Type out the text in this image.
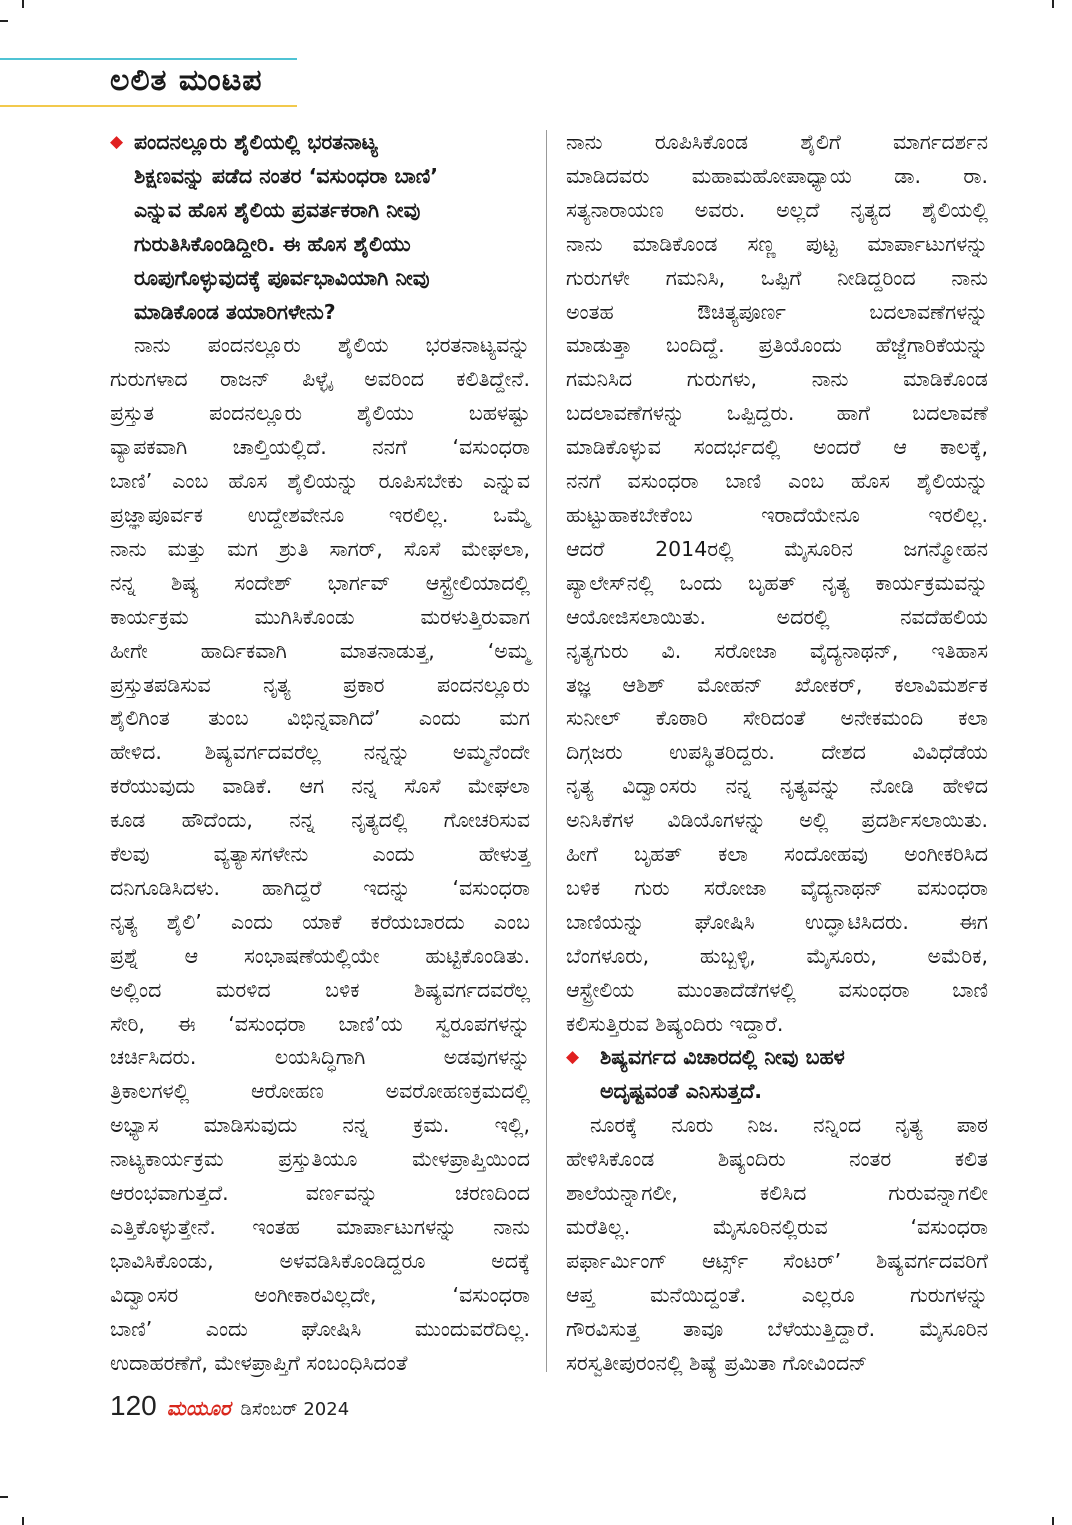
ಲಲಿತ ಮಂಟಪ
◆ ಪಂದನಲ್ಲೂರು ಶೈಲಿಯಲ್ಲಿ ಭರತನಾಟ್ಯ
ಶಿಕ್ಷಣವನ್ನು ಪಡೆದ ನಂತರ ‘ವಸುಂಧರಾ ಬಾಣಿ’
ಎನ್ನುವ ಹೊಸ ಶೈಲಿಯ ಪ್ರವರ್ತಕರಾಗಿ ನೀವು
ಗುರುತಿಸಿಕೊಂಡಿದ್ದೀರಿ. ಈ ಹೊಸ ಶೈಲಿಯು
ರೂಪುಗೊಳ್ಳುವುದಕ್ಕೆ ಪೂರ್ವಭಾವಿಯಾಗಿ ನೀವು
ಮಾಡಿಕೊಂಡ ತಯಾರಿಗಳೇನು?
ನಾನು ಪಂದನಲ್ಲೂರು ಶೈಲಿಯ ಭರತನಾಟ್ಯವನ್ನು
ಗುರುಗಳಾದ ರಾಜನ್ ಪಿಳ್ಳೈ ಅವರಿಂದ ಕಲಿತಿದ್ದೇನೆ.
ಪ್ರಸ್ತುತ ಪಂದನಲ್ಲೂರು ಶೈಲಿಯು ಬಹಳಷ್ಟು
ವ್ಯಾಪಕವಾಗಿ ಚಾಲ್ತಿಯಲ್ಲಿದೆ. ನನಗೆ ‘ವಸುಂಧರಾ
ಬಾಣಿ’ ಎಂಬ ಹೊಸ ಶೈಲಿಯನ್ನು ರೂಪಿಸಬೇಕು ಎನ್ನುವ
ಪ್ರಜ್ಞಾಪೂರ್ವಕ ಉದ್ದೇಶವೇನೂ ಇರಲಿಲ್ಲ. ಒಮ್ಮೆ
ನಾನು ಮತ್ತು ಮಗ ಶ್ರುತಿ ಸಾಗರ್, ಸೊಸೆ ಮೇಘಲಾ,
ನನ್ನ ಶಿಷ್ಯ ಸಂದೇಶ್ ಭಾರ್ಗವ್ ಆಸ್ಟ್ರೇಲಿಯಾದಲ್ಲಿ
ಕಾರ್ಯಕ್ರಮ ಮುಗಿಸಿಕೊಂಡು ಮರಳುತ್ತಿರುವಾಗ
ಹೀಗೇ ಹಾರ್ದಿಕವಾಗಿ ಮಾತನಾಡುತ್ತ, ‘ಅಮ್ಮ
ಪ್ರಸ್ತುತಪಡಿಸುವ ನೃತ್ಯ ಪ್ರಕಾರ ಪಂದನಲ್ಲೂರು
ಶೈಲಿಗಿಂತ ತುಂಬ ವಿಭಿನ್ನವಾಗಿದೆ’ ಎಂದು ಮಗ
ಹೇಳಿದ. ಶಿಷ್ಯವರ್ಗದವರೆಲ್ಲ ನನ್ನನ್ನು ಅಮ್ಮನೆಂದೇ
ಕರೆಯುವುದು ವಾಡಿಕೆ. ಆಗ ನನ್ನ ಸೊಸೆ ಮೇಘಲಾ
ಕೂಡ ಹೌದೆಂದು, ನನ್ನ ನೃತ್ಯದಲ್ಲಿ ಗೋಚರಿಸುವ
ಕೆಲವು ವ್ಯತ್ಯಾಸಗಳೇನು ಎಂದು ಹೇಳುತ್ತ
ದನಿಗೂಡಿಸಿದಳು. ಹಾಗಿದ್ದರೆ ಇದನ್ನು ‘ವಸುಂಧರಾ
ನೃತ್ಯ ಶೈಲಿ’ ಎಂದು ಯಾಕೆ ಕರೆಯಬಾರದು ಎಂಬ
ಪ್ರಶ್ನೆ ಆ ಸಂಭಾಷಣೆಯಲ್ಲಿಯೇ ಹುಟ್ಟಿಕೊಂಡಿತು.
ಅಲ್ಲಿಂದ ಮರಳಿದ ಬಳಿಕ ಶಿಷ್ಯವರ್ಗದವರೆಲ್ಲ
ಸೇರಿ, ಈ ‘ವಸುಂಧರಾ ಬಾಣಿ’ಯ ಸ್ವರೂಪಗಳನ್ನು
ಚರ್ಚಿಸಿದರು. ಲಯಸಿದ್ಧಿಗಾಗಿ ಅಡವುಗಳನ್ನು
ತ್ರಿಕಾಲಗಳಲ್ಲಿ ಆರೋಹಣ ಅವರೋಹಣಕ್ರಮದಲ್ಲಿ
ಅಭ್ಯಾಸ ಮಾಡಿಸುವುದು ನನ್ನ ಕ್ರಮ. ಇಲ್ಲಿ,
ನಾಟ್ಯಕಾರ್ಯಕ್ರಮ ಪ್ರಸ್ತುತಿಯೂ ಮೇಳಪ್ರಾಪ್ತಿಯಿಂದ
ಆರಂಭವಾಗುತ್ತದೆ. ವರ್ಣವನ್ನು ಚರಣದಿಂದ
ಎತ್ತಿಕೊಳ್ಳುತ್ತೇನೆ. ಇಂತಹ ಮಾರ್ಪಾಟುಗಳನ್ನು ನಾನು
ಭಾವಿಸಿಕೊಂಡು, ಅಳವಡಿಸಿಕೊಂಡಿದ್ದರೂ ಅದಕ್ಕೆ
ವಿದ್ವಾಂಸರ ಅಂಗೀಕಾರವಿಲ್ಲದೇ, ‘ವಸುಂಧರಾ
ಬಾಣಿ’ ಎಂದು ಘೋಷಿಸಿ ಮುಂದುವರೆದಿಲ್ಲ.
ಉದಾಹರಣೆಗೆ, ಮೇಳಪ್ರಾಪ್ತಿಗೆ ಸಂಬಂಧಿಸಿದಂತೆ
ನಾನು ರೂಪಿಸಿಕೊಂಡ ಶೈಲಿಗೆ ಮಾರ್ಗದರ್ಶನ
ಮಾಡಿದವರು ಮಹಾಮಹೋಪಾಧ್ಯಾಯ ಡಾ. ರಾ.
ಸತ್ಯನಾರಾಯಣ ಅವರು. ಅಲ್ಲದೆ ನೃತ್ಯದ ಶೈಲಿಯಲ್ಲಿ
ನಾನು ಮಾಡಿಕೊಂಡ ಸಣ್ಣ ಪುಟ್ಟ ಮಾರ್ಪಾಟುಗಳನ್ನು
ಗುರುಗಳೇ ಗಮನಿಸಿ, ಒಪ್ಪಿಗೆ ನೀಡಿದ್ದರಿಂದ ನಾನು
ಅಂತಹ ಔಚಿತ್ಯಪೂರ್ಣ ಬದಲಾವಣೆಗಳನ್ನು
ಮಾಡುತ್ತಾ ಬಂದಿದ್ದೆ. ಪ್ರತಿಯೊಂದು ಹೆಜ್ಜೆಗಾರಿಕೆಯನ್ನು
ಗಮನಿಸಿದ ಗುರುಗಳು, ನಾನು ಮಾಡಿಕೊಂಡ
ಬದಲಾವಣೆಗಳನ್ನು ಒಪ್ಪಿದ್ದರು. ಹಾಗೆ ಬದಲಾವಣೆ
ಮಾಡಿಕೊಳ್ಳುವ ಸಂದರ್ಭದಲ್ಲಿ ಅಂದರೆ ಆ ಕಾಲಕ್ಕೆ,
ನನಗೆ ವಸುಂಧರಾ ಬಾಣಿ ಎಂಬ ಹೊಸ ಶೈಲಿಯನ್ನು
ಹುಟ್ಟುಹಾಕಬೇಕೆಂಬ ಇರಾದೆಯೇನೂ ಇರಲಿಲ್ಲ.
ಆದರೆ 2014ರಲ್ಲಿ ಮೈಸೂರಿನ ಜಗನ್ಮೋಹನ
ಪ್ಯಾಲೇಸ್‌ನಲ್ಲಿ ಒಂದು ಬೃಹತ್ ನೃತ್ಯ ಕಾರ್ಯಕ್ರಮವನ್ನು
ಆಯೋಜಿಸಲಾಯಿತು. ಅದರಲ್ಲಿ ನವದೆಹಲಿಯ
ನೃತ್ಯಗುರು ವಿ. ಸರೋಜಾ ವೈದ್ಯನಾಥನ್, ಇತಿಹಾಸ
ತಜ್ಞ ಆಶಿಶ್ ಮೋಹನ್ ಖೋಕರ್, ಕಲಾವಿಮರ್ಶಕ
ಸುನೀಲ್ ಕೊಠಾರಿ ಸೇರಿದಂತೆ ಅನೇಕಮಂದಿ ಕಲಾ
ದಿಗ್ಗಜರು ಉಪಸ್ಥಿತರಿದ್ದರು. ದೇಶದ ವಿವಿಧೆಡೆಯ
ನೃತ್ಯ ವಿದ್ವಾಂಸರು ನನ್ನ ನೃತ್ಯವನ್ನು ನೋಡಿ ಹೇಳಿದ
ಅನಿಸಿಕೆಗಳ ವಿಡಿಯೊಗಳನ್ನು ಅಲ್ಲಿ ಪ್ರದರ್ಶಿಸಲಾಯಿತು.
ಹೀಗೆ ಬೃಹತ್ ಕಲಾ ಸಂದೋಹವು ಅಂಗೀಕರಿಸಿದ
ಬಳಿಕ ಗುರು ಸರೋಜಾ ವೈದ್ಯನಾಥನ್ ವಸುಂಧರಾ
ಬಾಣಿಯನ್ನು ಘೋಷಿಸಿ ಉದ್ಘಾಟಿಸಿದರು. ಈಗ
ಬೆಂಗಳೂರು, ಹುಬ್ಬಳ್ಳಿ, ಮೈಸೂರು, ಅಮೆರಿಕ,
ಆಸ್ಟ್ರೇಲಿಯ ಮುಂತಾದೆಡೆಗಳಲ್ಲಿ ವಸುಂಧರಾ ಬಾಣಿ
ಕಲಿಸುತ್ತಿರುವ ಶಿಷ್ಯಂದಿರು ಇದ್ದಾರೆ.
◆ ಶಿಷ್ಯವರ್ಗದ ವಿಚಾರದಲ್ಲಿ ನೀವು ಬಹಳ
ಅದೃಷ್ಟವಂತೆ ಎನಿಸುತ್ತದೆ.
ನೂರಕ್ಕೆ ನೂರು ನಿಜ. ನನ್ನಿಂದ ನೃತ್ಯ ಪಾಠ
ಹೇಳಿಸಿಕೊಂಡ ಶಿಷ್ಯಂದಿರು ನಂತರ ಕಲಿತ
ಶಾಲೆಯನ್ನಾಗಲೀ, ಕಲಿಸಿದ ಗುರುವನ್ನಾಗಲೀ
ಮರೆತಿಲ್ಲ. ಮೈಸೂರಿನಲ್ಲಿರುವ ‘ವಸುಂಧರಾ
ಪರ್ಫಾರ್ಮಿಂಗ್ ಆರ್ಟ್ಸ್ ಸೆಂಟರ್’ ಶಿಷ್ಯವರ್ಗದವರಿಗೆ
ಆಪ್ತ ಮನೆಯಿದ್ದಂತೆ. ಎಲ್ಲರೂ ಗುರುಗಳನ್ನು
ಗೌರವಿಸುತ್ತ ತಾವೂ ಬೆಳೆಯುತ್ತಿದ್ದಾರೆ. ಮೈಸೂರಿನ
ಸರಸ್ವತೀಪುರಂನಲ್ಲಿ ಶಿಷ್ಯೆ ಪ್ರಮಿತಾ ಗೋವಿಂದನ್
120 ಮಯೂರ ಡಿಸೆಂಬರ್ 2024
